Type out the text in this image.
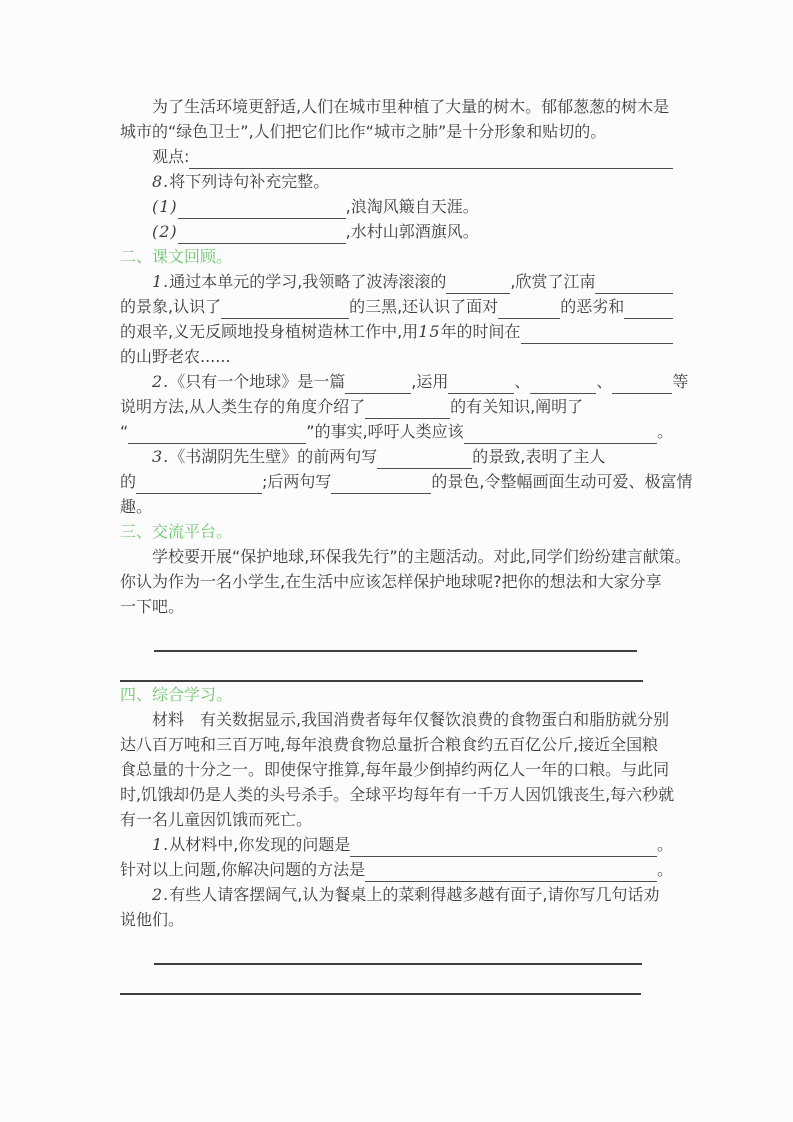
为了生活环境更舒适,人们在城市里种植了大量的树木。郁郁葱葱的树木是
城市的“绿色卫士”,人们把它们比作“城市之肺”是十分形象和贴切的。
观点:
8. 将下列诗句补充完整。
(1)	,浪淘风簸自天涯。
(2)	,水村山郭酒旗风。
二、课文回顾。
1. 通过本单元的学习,我领略了波涛滚滚的	,欣赏了江南
的景象,认识了	的三黑,还认识了面对	的恶劣和
的艰辛,义无反顾地投身植树造林工作中,用 15 年的时间在
的山野老农......
2. 《只有一个地球》是一篇	,运用	、	、	等
说明方法,从人类生存的角度介绍了	的有关知识,阐明了
“	”的事实,呼吁人类应该	。
3. 《书湖阴先生壁》的前两句写	的景致,表明了主人
的	;后两句写	的景色,令整幅画面生动可爱、极富情
趣。
三、交流平台。
学校要开展“保护地球,环保我先行”的主题活动。对此,同学们纷纷建言献策。
你认为作为一名小学生,在生活中应该怎样保护地球呢?把你的想法和大家分享
一下吧。
四、综合学习。
材料　有关数据显示,我国消费者每年仅餐饮浪费的食物蛋白和脂肪就分别
达八百万吨和三百万吨,每年浪费食物总量折合粮食约五百亿公斤,接近全国粮
食总量的十分之一。即使保守推算,每年最少倒掉约两亿人一年的口粮。与此同
时,饥饿却仍是人类的头号杀手。全球平均每年有一千万人因饥饿丧生,每六秒就
有一名儿童因饥饿而死亡。
1. 从材料中,你发现的问题是	。
针对以上问题,你解决问题的方法是	。
2. 有些人请客摆阔气,认为餐桌上的菜剩得越多越有面子,请你写几句话劝
说他们。
